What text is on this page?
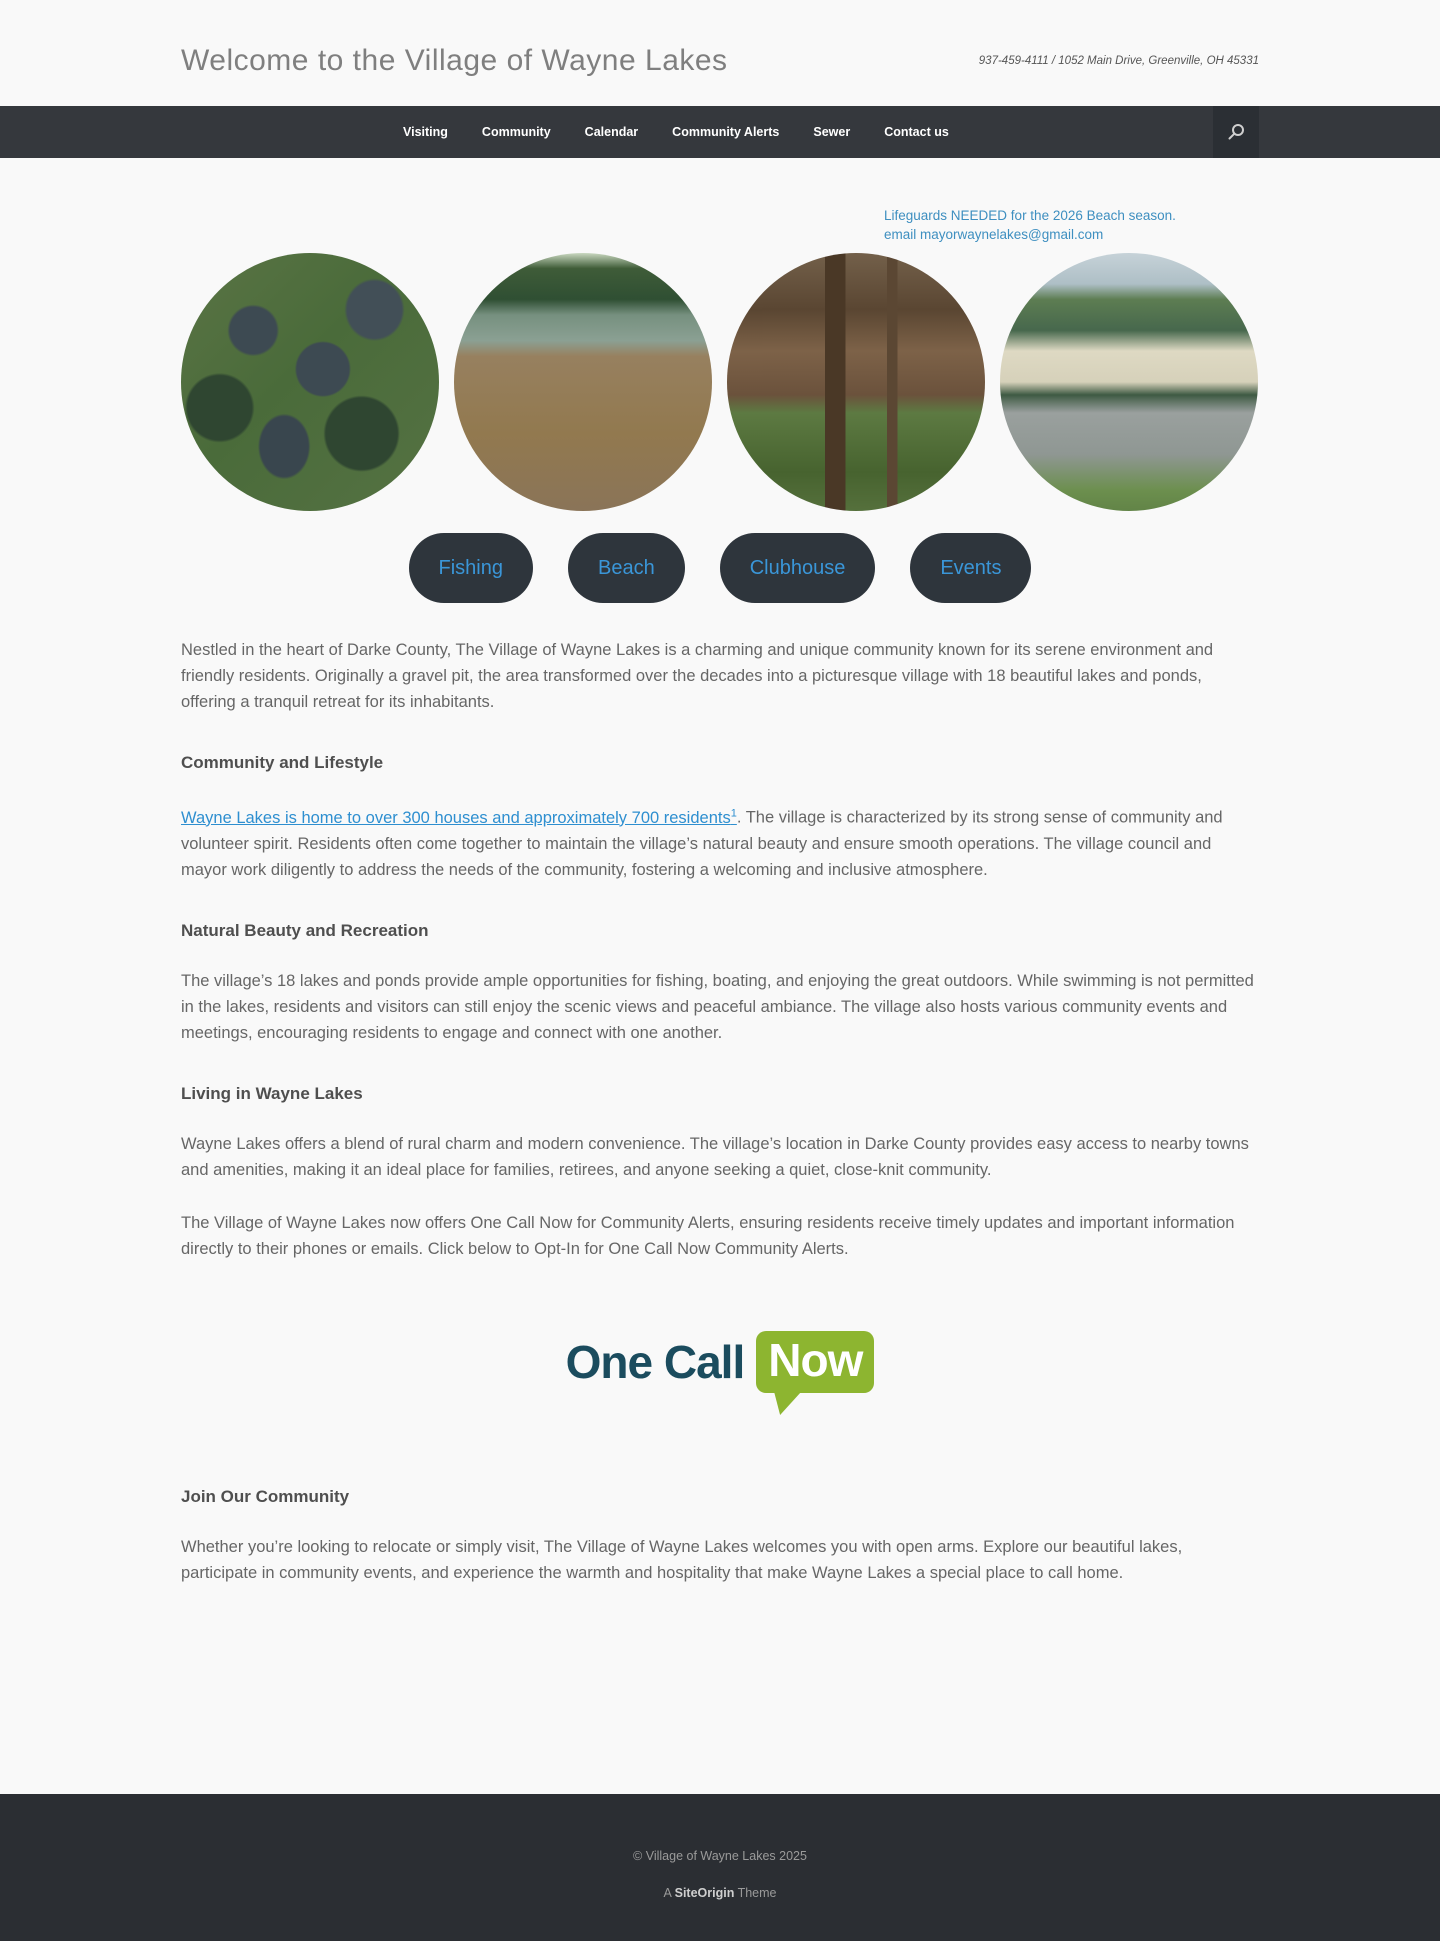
Welcome to the Village of Wayne Lakes	937-459-4111 / 1052 Main Drive, Greenville, OH 45331
Visiting	Community	Calendar	Community Alerts	Sewer	Contact us
Lifeguards NEEDED for the 2026 Beach season. email mayorwaynelakes@gmail.com
Fishing	Beach	Clubhouse	Events

Nestled in the heart of Darke County, The Village of Wayne Lakes is a charming and unique community known for its serene environment and friendly residents. Originally a gravel pit, the area transformed over the decades into a picturesque village with 18 beautiful lakes and ponds, offering a tranquil retreat for its inhabitants.

Community and Lifestyle

Wayne Lakes is home to over 300 houses and approximately 700 residents$^1$. The village is characterized by its strong sense of community and volunteer spirit. Residents often come together to maintain the village’s natural beauty and ensure smooth operations. The village council and mayor work diligently to address the needs of the community, fostering a welcoming and inclusive atmosphere.

Natural Beauty and Recreation

The village’s 18 lakes and ponds provide ample opportunities for fishing, boating, and enjoying the great outdoors. While swimming is not permitted in the lakes, residents and visitors can still enjoy the scenic views and peaceful ambiance. The village also hosts various community events and meetings, encouraging residents to engage and connect with one another.

Living in Wayne Lakes

Wayne Lakes offers a blend of rural charm and modern convenience. The village’s location in Darke County provides easy access to nearby towns and amenities, making it an ideal place for families, retirees, and anyone seeking a quiet, close-knit community.

The Village of Wayne Lakes now offers One Call Now for Community Alerts, ensuring residents receive timely updates and important information directly to their phones or emails. Click below to Opt-In for One Call Now Community Alerts.

One Call Now
Join Our Community

Whether you’re looking to relocate or simply visit, The Village of Wayne Lakes welcomes you with open arms. Explore our beautiful lakes, participate in community events, and experience the warmth and hospitality that make Wayne Lakes a special place to call home.

© Village of Wayne Lakes 2025
A SiteOrigin Theme
